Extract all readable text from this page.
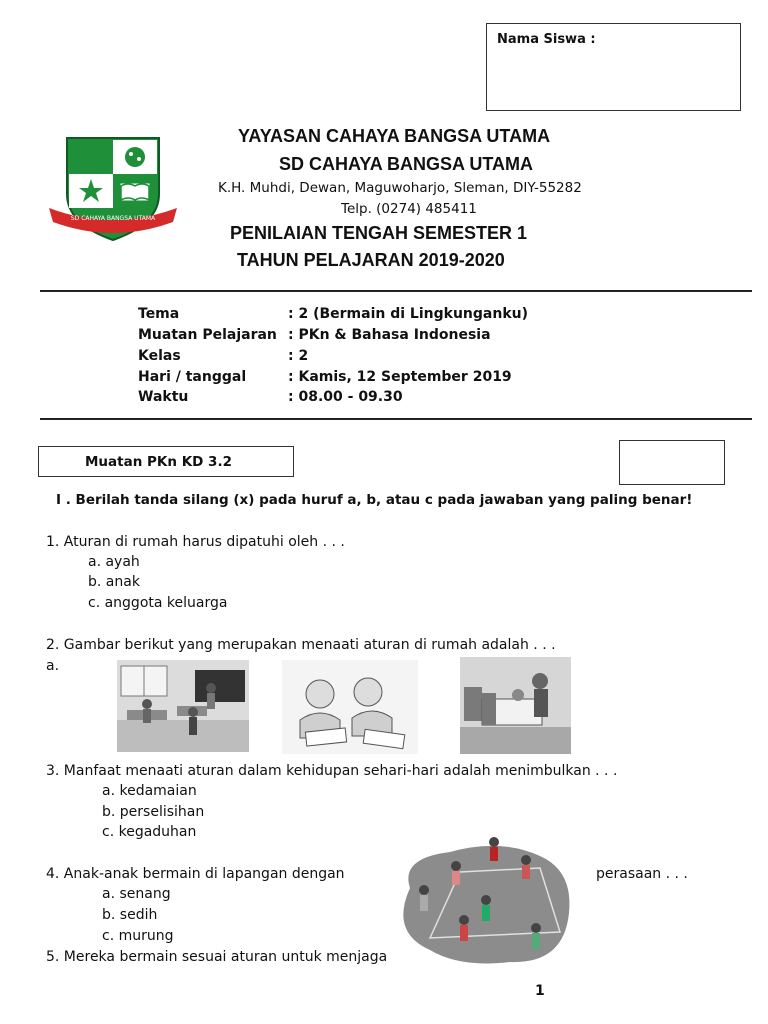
Nama Siswa :
SD CAHAYA BANGSA UTAMA
YAYASAN CAHAYA BANGSA UTAMA
SD CAHAYA BANGSA UTAMA
K.H. Muhdi, Dewan, Maguwoharjo, Sleman, DIY-55282
Telp. (0274) 485411
PENILAIAN TENGAH SEMESTER 1
TAHUN PELAJARAN 2019-2020
Tema	: 2 (Bermain di Lingkunganku)
Muatan Pelajaran : PKn & Bahasa Indonesia
Kelas	: 2
Hari / tanggal	: Kamis, 12 September 2019
Waktu	: 08.00 - 09.30
Muatan PKn KD 3.2
I . Berilah tanda silang (x) pada huruf a, b, atau c pada jawaban yang paling benar!
1. Aturan di rumah harus dipatuhi oleh . . .
a. ayah
b. anak
c. anggota keluarga
2. Gambar berikut yang merupakan menaati aturan di rumah adalah . . .
a.
3. Manfaat menaati aturan dalam kehidupan sehari-hari adalah menimbulkan . . .
a. kedamaian
b. perselisihan
c. kegaduhan
4. Anak-anak bermain di lapangan dengan	perasaan . . .
a. senang
b. sedih
c. murung
5. Mereka bermain sesuai aturan untuk menjaga
1
